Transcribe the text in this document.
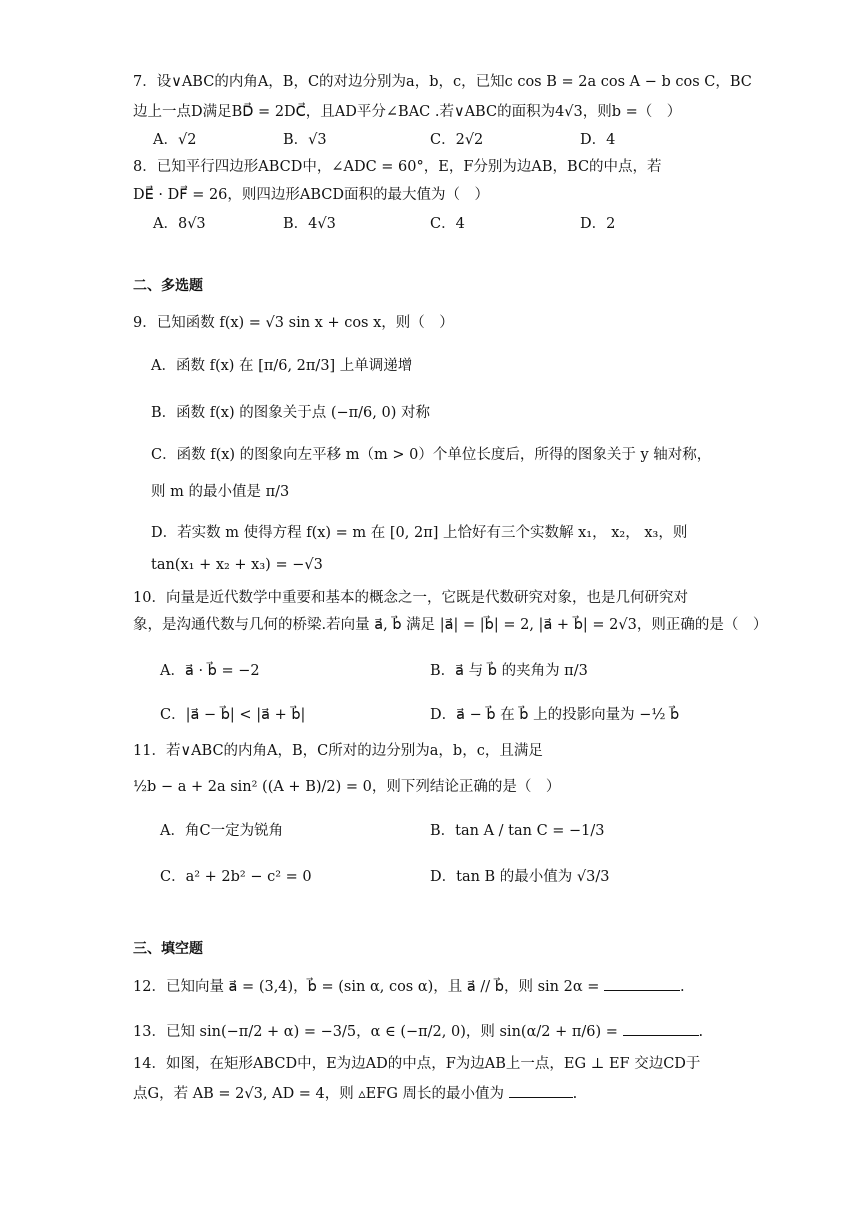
7．设∨ABC的内角A，B，C的对边分别为a，b，c，已知c cos B = 2a cos A − b cos C，BC
边上一点D满足BD⃗ = 2DC⃗，且AD平分∠BAC .若∨ABC的面积为4√3，则b =（　）
A．√2	B．√3	C．2√2	D．4
8．已知平行四边形ABCD中，∠ADC = 60°，E，F分别为边AB，BC的中点，若
DE⃗ · DF⃗ = 26，则四边形ABCD面积的最大值为（　）
A．8√3	B．4√3	C．4	D．2
二、多选题
9．已知函数 f(x) = √3 sin x + cos x，则（　）
A．函数 f(x) 在 [π/6, 2π/3] 上单调递增
B．函数 f(x) 的图象关于点 (−π/6, 0) 对称
C．函数 f(x) 的图象向左平移 m（m > 0）个单位长度后，所得的图象关于 y 轴对称，
则 m 的最小值是 π/3
D．若实数 m 使得方程 f(x) = m 在 [0, 2π] 上恰好有三个实数解 x₁， x₂， x₃，则
tan(x₁ + x₂ + x₃) = −√3
10．向量是近代数学中重要和基本的概念之一，它既是代数研究对象，也是几何研究对
象，是沟通代数与几何的桥梁.若向量 a⃗, b⃗ 满足 |a⃗| = |b⃗| = 2, |a⃗ + b⃗| = 2√3，则正确的是（　）
A．a⃗ · b⃗ = −2	B．a⃗ 与 b⃗ 的夹角为 π/3
C．|a⃗ − b⃗| < |a⃗ + b⃗|	D．a⃗ − b⃗ 在 b⃗ 上的投影向量为 −½ b⃗
11．若∨ABC的内角A，B，C所对的边分别为a，b，c，且满足
½b − a + 2a sin² ((A + B)/2) = 0，则下列结论正确的是（　）
A．角C一定为锐角	B．tan A / tan C = −1/3
C．a² + 2b² − c² = 0	D．tan B 的最小值为 √3/3
三、填空题
12．已知向量 a⃗ = (3,4)，b⃗ = (sin α, cos α)，且 a⃗ // b⃗，则 sin 2α =	.
13．已知 sin(−π/2 + α) = −3/5，α ∈ (−π/2, 0)，则 sin(α/2 + π/6) =	.
14．如图，在矩形ABCD中，E为边AD的中点，F为边AB上一点，EG ⊥ EF 交边CD于
点G，若 AB = 2√3, AD = 4，则 ▵EFG 周长的最小值为	.
